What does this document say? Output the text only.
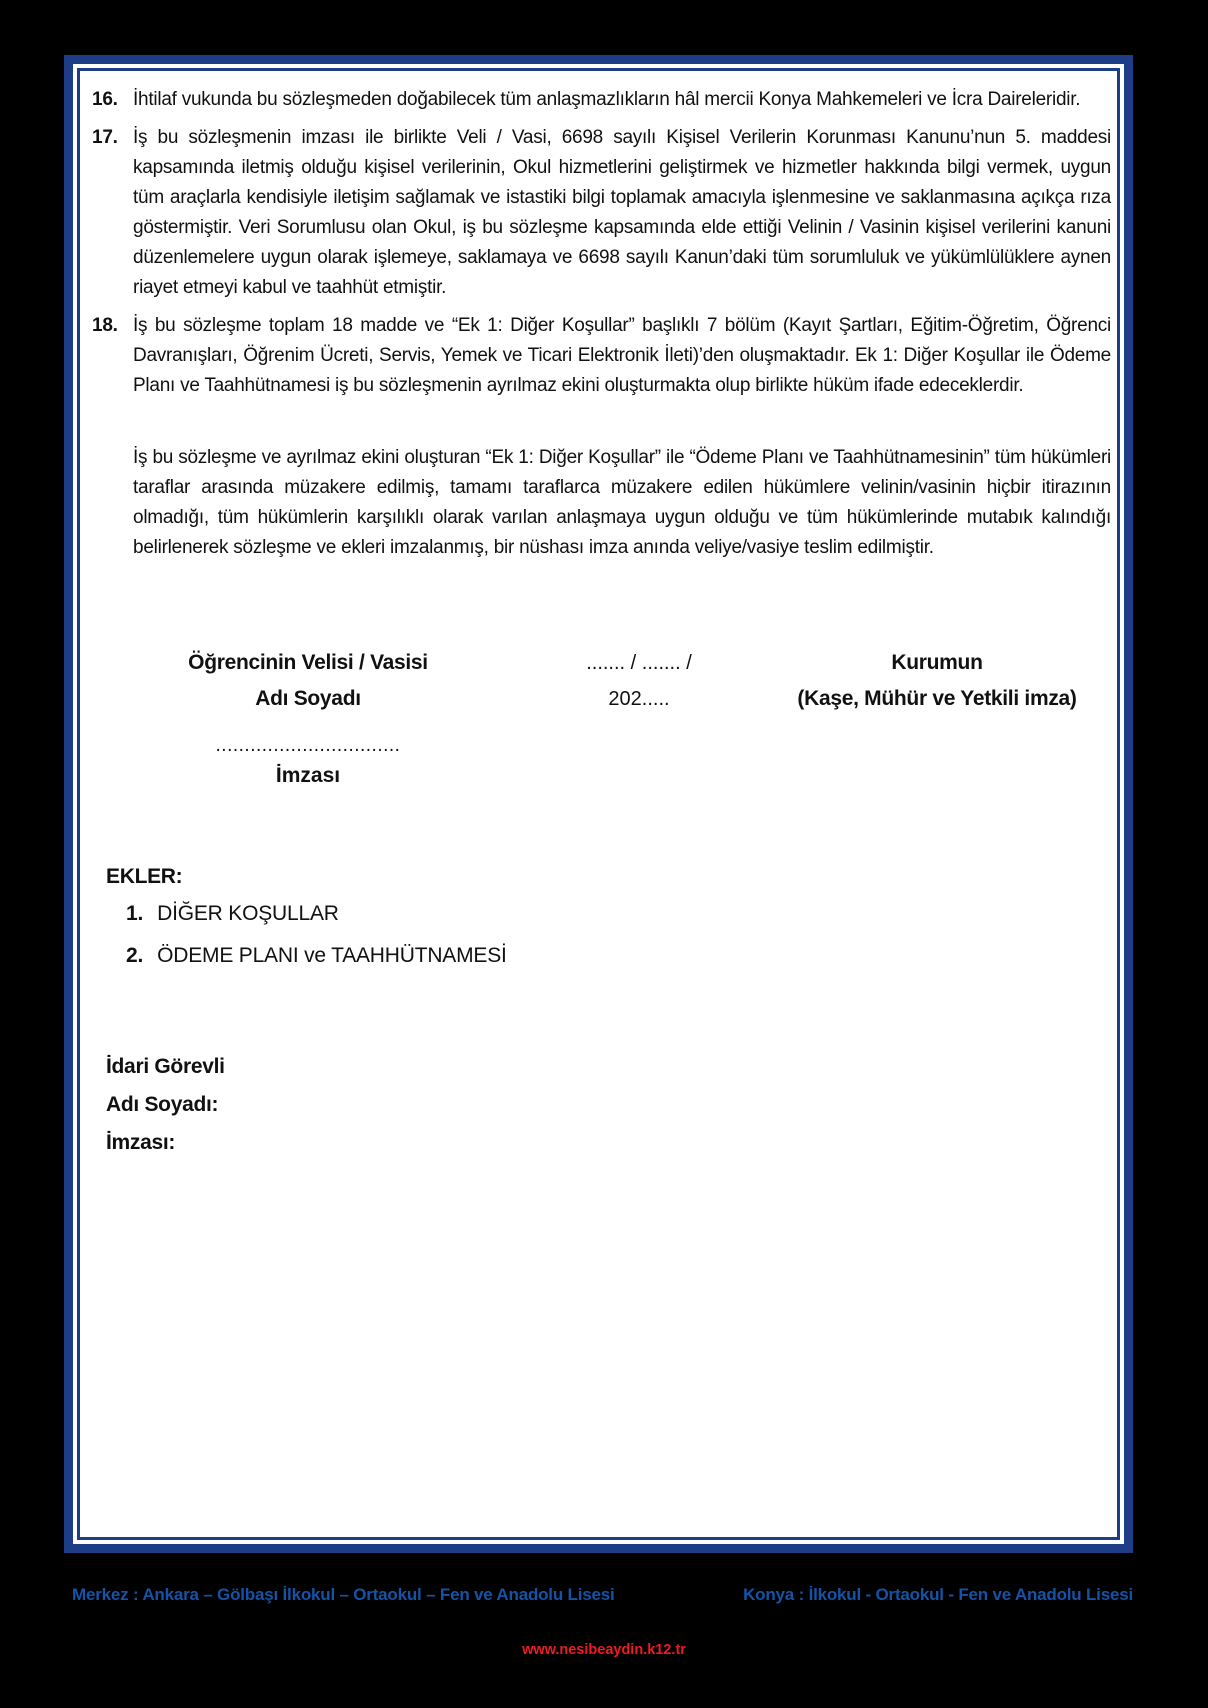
16. İhtilaf vukunda bu sözleşmeden doğabilecek tüm anlaşmazlıkların hâl mercii Konya Mahkemeleri ve İcra Daireleridir.

17. İş bu sözleşmenin imzası ile birlikte Veli / Vasi, 6698 sayılı Kişisel Verilerin Korunması Kanunu’nun 5. maddesi kapsamında iletmiş olduğu kişisel verilerinin, Okul hizmetlerini geliştirmek ve hizmetler hakkında bilgi vermek, uygun tüm araçlarla kendisiyle iletişim sağlamak ve istastiki bilgi toplamak amacıyla işlenmesine ve saklanmasına açıkça rıza göstermiştir. Veri Sorumlusu olan Okul, iş bu sözleşme kapsamında elde ettiği Velinin / Vasinin kişisel verilerini kanuni düzenlemelere uygun olarak işlemeye, saklamaya ve 6698 sayılı Kanun’daki tüm sorumluluk ve yükümlülüklere aynen riayet etmeyi kabul ve taahhüt etmiştir.

18. İş bu sözleşme toplam 18 madde ve “Ek 1: Diğer Koşullar” başlıklı 7 bölüm (Kayıt Şartları, Eğitim-Öğretim, Öğrenci Davranışları, Öğrenim Ücreti, Servis, Yemek ve Ticari Elektronik İleti)’den oluşmaktadır. Ek 1: Diğer Koşullar ile Ödeme Planı ve Taahhütnamesi iş bu sözleşmenin ayrılmaz ekini oluşturmakta olup birlikte hüküm ifade edeceklerdir.

İş bu sözleşme ve ayrılmaz ekini oluşturan “Ek 1: Diğer Koşullar” ile “Ödeme Planı ve Taahhütnamesinin” tüm hükümleri taraflar arasında müzakere edilmiş, tamamı taraflarca müzakere edilen hükümlere velinin/vasinin hiçbir itirazının olmadığı, tüm hükümlerin karşılıklı olarak varılan anlaşmaya uygun olduğu ve tüm hükümlerinde mutabık kalındığı belirlenerek sözleşme ve ekleri imzalanmış, bir nüshası imza anında veliye/vasiye teslim edilmiştir.

Öğrencinin Velisi / Vasisi
Adı Soyadı
................................
İmzası
....... / ....... / 202.....
Kurumun
(Kaşe, Mühür ve Yetkili imza)
EKLER:
1. DİĞER KOŞULLAR
2. ÖDEME PLANI ve TAAHHÜTNAMESİ
İdari Görevli
Adı Soyadı:
İmzası:
Merkez : Ankara – Gölbaşı İlkokul – Ortaokul – Fen ve Anadolu Lisesi	Konya : İlkokul - Ortaokul - Fen ve Anadolu Lisesi
www.nesibeaydin.k12.tr
